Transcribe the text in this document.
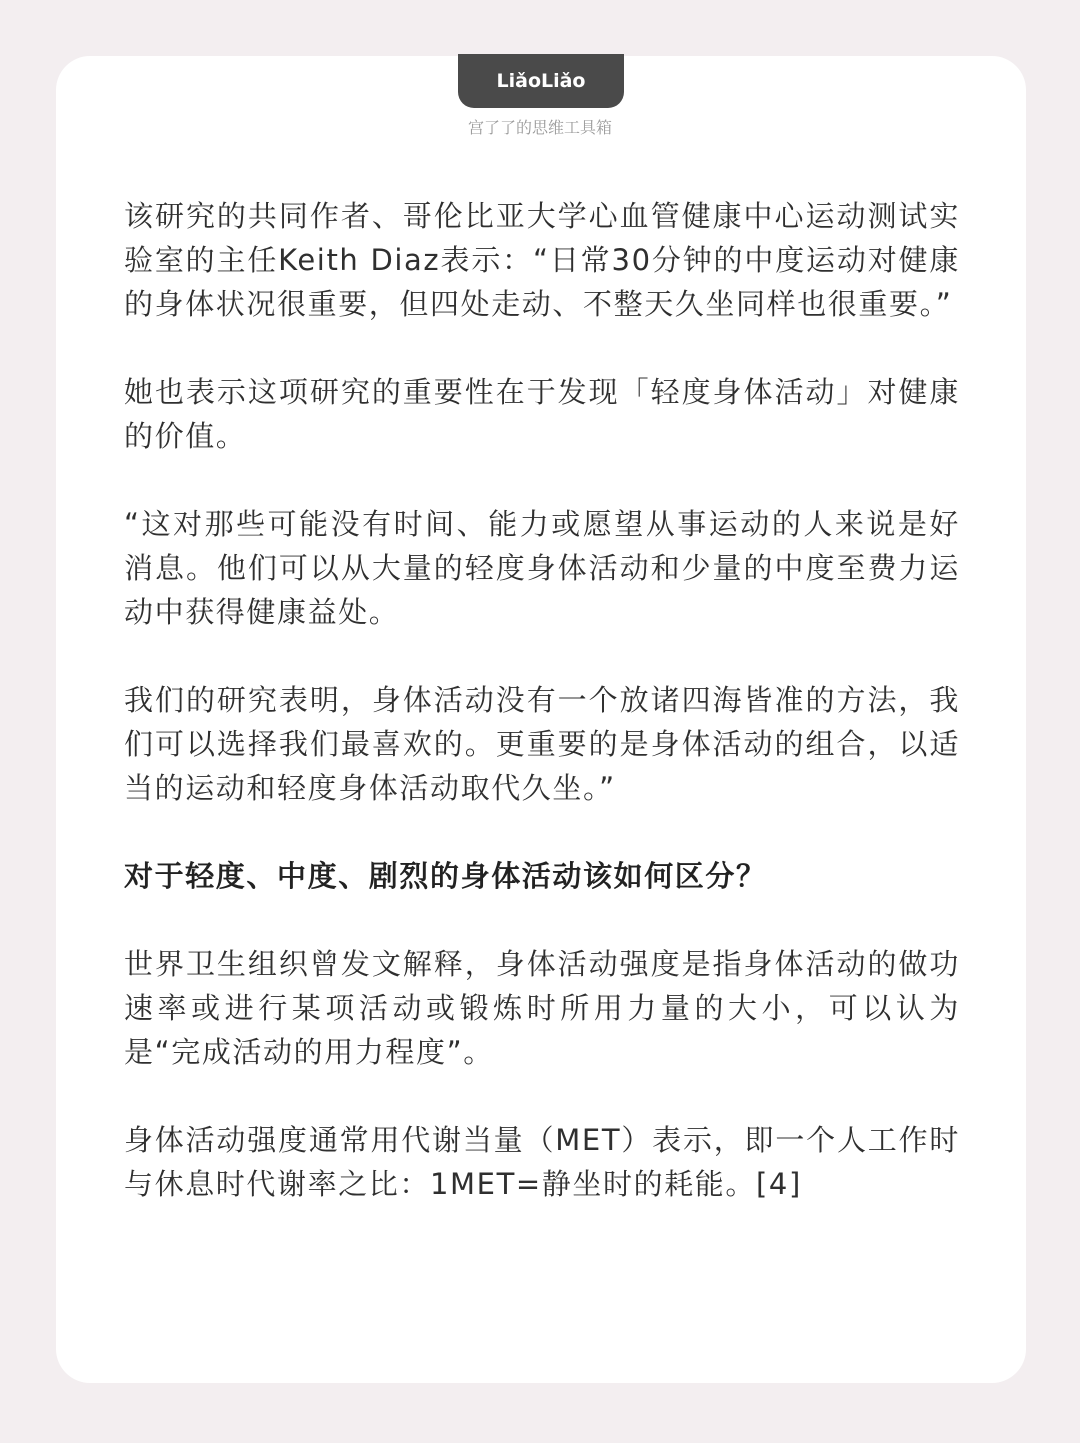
LiǎoLiǎo
宫了了的思维工具箱

该研究的共同作者、哥伦比亚大学心血管健康中心运动测试实验室的主任Keith Diaz表示：“日常30分钟的中度运动对健康的身体状况很重要，但四处走动、不整天久坐同样也很重要。”

她也表示这项研究的重要性在于发现「轻度身体活动」对健康的价值。

“这对那些可能没有时间、能力或愿望从事运动的人来说是好消息。他们可以从大量的轻度身体活动和少量的中度至费力运动中获得健康益处。

我们的研究表明，身体活动没有一个放诸四海皆准的方法，我们可以选择我们最喜欢的。更重要的是身体活动的组合，以适当的运动和轻度身体活动取代久坐。”

对于轻度、中度、剧烈的身体活动该如何区分？

世界卫生组织曾发文解释，身体活动强度是指身体活动的做功速率或进行某项活动或锻炼时所用力量的大小，可以认为是“完成活动的用力程度”。

身体活动强度通常用代谢当量（MET）表示，即一个人工作时与休息时代谢率之比：1MET=静坐时的耗能。[4]
